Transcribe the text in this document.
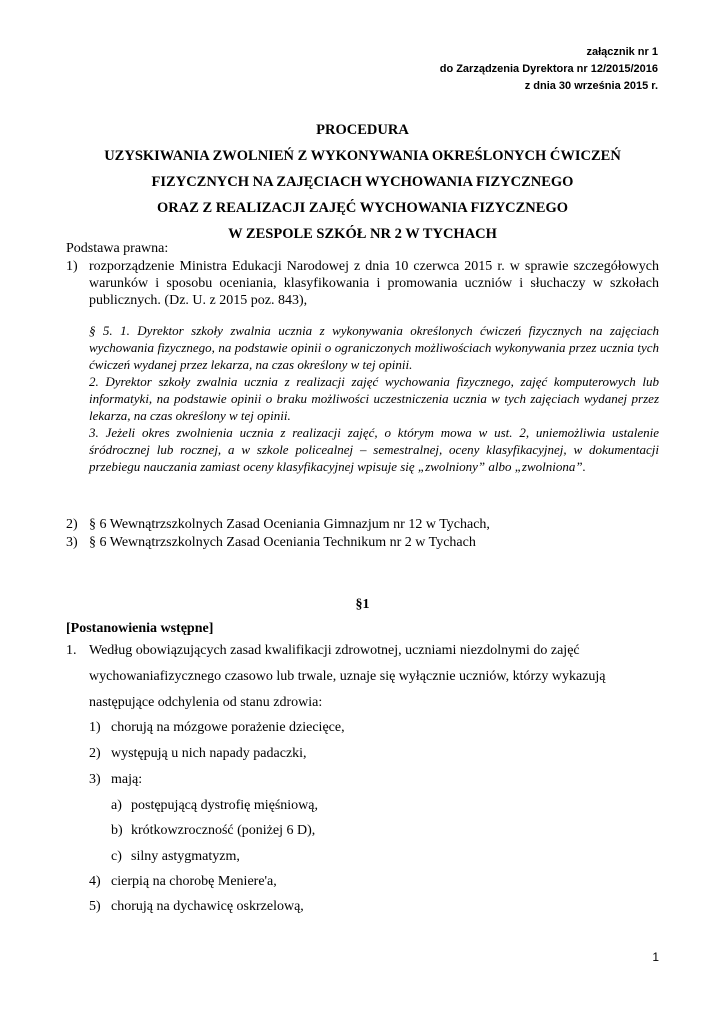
załącznik nr 1
do Zarządzenia Dyrektora nr 12/2015/2016
z dnia 30 września 2015 r.
PROCEDURA
UZYSKIWANIA ZWOLNIEŃ Z WYKONYWANIA OKREŚLONYCH ĆWICZEŃ
FIZYCZNYCH NA ZAJĘCIACH WYCHOWANIA FIZYCZNEGO
ORAZ Z REALIZACJI ZAJĘĆ WYCHOWANIA FIZYCZNEGO
W ZESPOLE SZKÓŁ NR 2 W TYCHACH
Podstawa prawna:
1) rozporządzenie Ministra Edukacji Narodowej z dnia 10 czerwca 2015 r. w sprawie szczegółowych warunków i sposobu oceniania, klasyfikowania i promowania uczniów i słuchaczy w szkołach publicznych. (Dz. U. z 2015 poz. 843),

§ 5. 1. Dyrektor szkoły zwalnia ucznia z wykonywania określonych ćwiczeń fizycznych na zajęciach wychowania fizycznego, na podstawie opinii o ograniczonych możliwościach wykonywania przez ucznia tych ćwiczeń wydanej przez lekarza, na czas określony w tej opinii.

2. Dyrektor szkoły zwalnia ucznia z realizacji zajęć wychowania fizycznego, zajęć komputerowych lub informatyki, na podstawie opinii o braku możliwości uczestniczenia ucznia w tych zajęciach wydanej przez lekarza, na czas określony w tej opinii.

3. Jeżeli okres zwolnienia ucznia z realizacji zajęć, o którym mowa w ust. 2, uniemożliwia ustalenie śródrocznej lub rocznej, a w szkole policealnej – semestralnej, oceny klasyfikacyjnej, w dokumentacji przebiegu nauczania zamiast oceny klasyfikacyjnej wpisuje się „zwolniony” albo „zwolniona”.

2) § 6 Wewnątrzszkolnych Zasad Oceniania Gimnazjum nr 12 w Tychach,
3) § 6 Wewnątrzszkolnych Zasad Oceniania Technikum nr 2 w Tychach
§1
[Postanowienia wstępne]
1. Według obowiązujących zasad kwalifikacji zdrowotnej, uczniami niezdolnymi do zajęć
wychowaniafizycznego czasowo lub trwale, uznaje się wyłącznie uczniów, którzy wykazują
następujące odchylenia od stanu zdrowia:
1) chorują na mózgowe porażenie dziecięce,
2) występują u nich napady padaczki,
3) mają:
a) postępującą dystrofię mięśniową,
b) krótkowzroczność (poniżej 6 D),
c) silny astygmatyzm,
4) cierpią na chorobę Meniere'a,
5) chorują na dychawicę oskrzelową,
1
